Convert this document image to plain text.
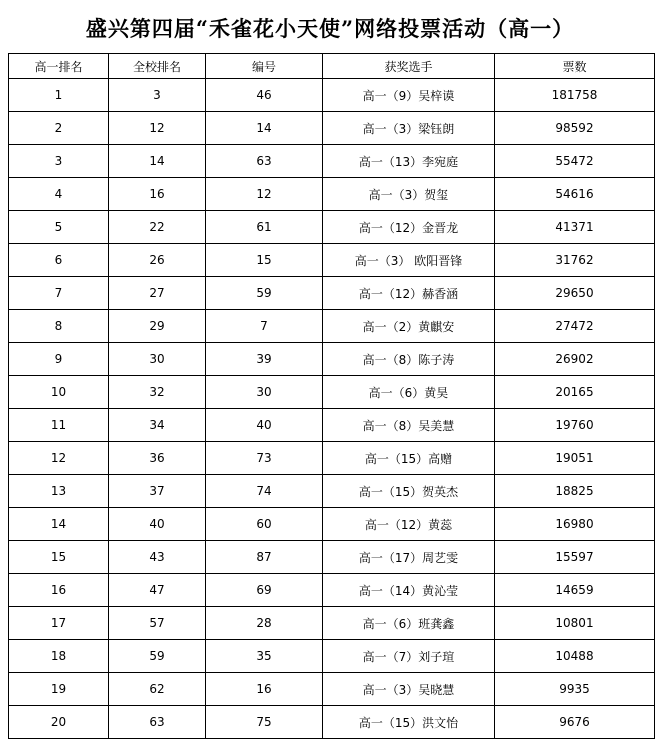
盛兴第四届“禾雀花小天使”网络投票活动（高一）
高一排名	全校排名	编号	获奖选手	票数
1	3	46	高一（9）吴梓谟	181758
2	12	14	高一（3）梁钰朗	98592
3	14	63	高一（13）李宛庭	55472
4	16	12	高一（3）贺玺	54616
5	22	61	高一（12）金晋龙	41371
6	26	15	高一（3） 欧阳晋锋	31762
7	27	59	高一（12）赫香涵	29650
8	29	7	高一（2）黄麒安	27472
9	30	39	高一（8）陈子涛	26902
10	32	30	高一（6）黄昊	20165
11	34	40	高一（8）吴美慧	19760
12	36	73	高一（15）高赠	19051
13	37	74	高一（15）贺英杰	18825
14	40	60	高一（12）黄蕊	16980
15	43	87	高一（17）周艺雯	15597
16	47	69	高一（14）黄沁莹	14659
17	57	28	高一（6）班龚鑫	10801
18	59	35	高一（7）刘子瑄	10488
19	62	16	高一（3）吴晓慧	9935
20	63	75	高一（15）洪文怡	9676
